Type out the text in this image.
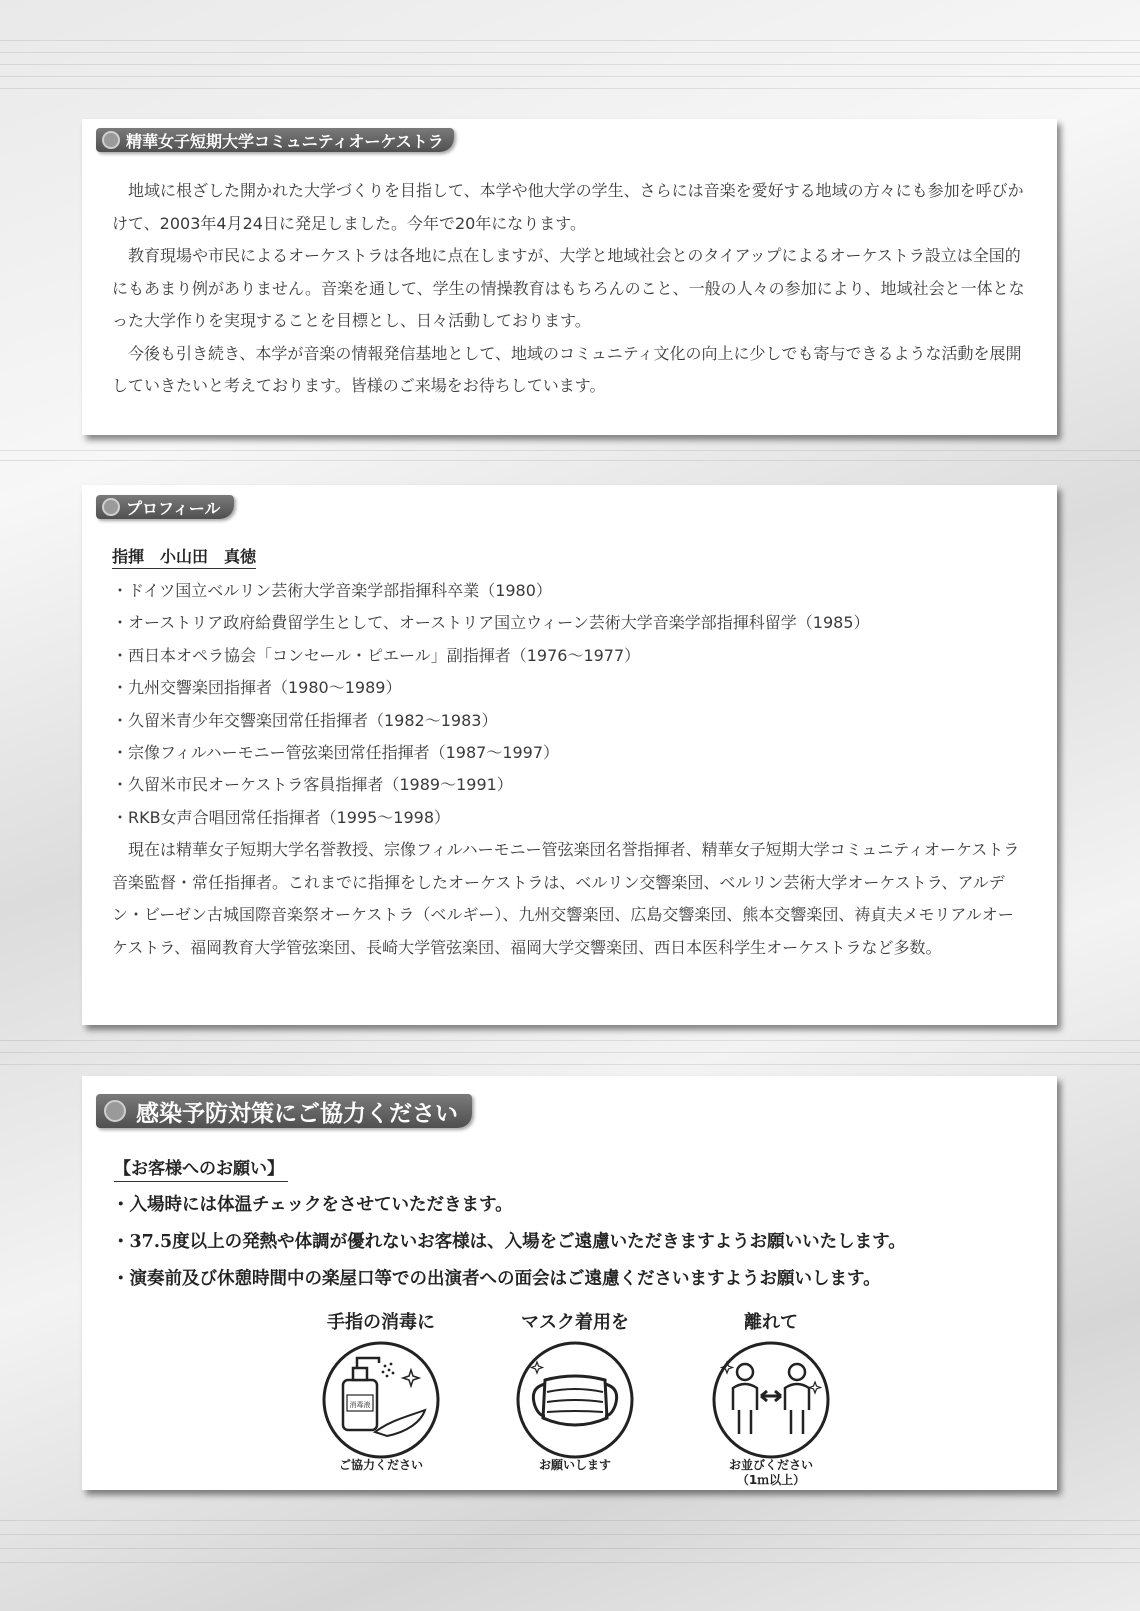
精華女子短期大学コミュニティオーケストラ

地域に根ざした開かれた大学づくりを目指して、本学や他大学の学生、さらには音楽を愛好する地域の方々にも参加を呼びかけて、2003年4月24日に発足しました。今年で20年になります。

教育現場や市民によるオーケストラは各地に点在しますが、大学と地域社会とのタイアップによるオーケストラ設立は全国的にもあまり例がありません。音楽を通して、学生の情操教育はもちろんのこと、一般の人々の参加により、地域社会と一体となった大学作りを実現することを目標とし、日々活動しております。

今後も引き続き、本学が音楽の情報発信基地として、地域のコミュニティ文化の向上に少しでも寄与できるような活動を展開していきたいと考えております。皆様のご来場をお待ちしています。

プロフィール
指揮　小山田　真徳
・ドイツ国立ベルリン芸術大学音楽学部指揮科卒業（1980）
・オーストリア政府給費留学生として、オーストリア国立ウィーン芸術大学音楽学部指揮科留学（1985）
・西日本オペラ協会「コンセール・ピエール」副指揮者（1976〜1977）
・九州交響楽団指揮者（1980〜1989）
・久留米青少年交響楽団常任指揮者（1982〜1983）
・宗像フィルハーモニー管弦楽団常任指揮者（1987〜1997）
・久留米市民オーケストラ客員指揮者（1989〜1991）
・RKB女声合唱団常任指揮者（1995〜1998）

現在は精華女子短期大学名誉教授、宗像フィルハーモニー管弦楽団名誉指揮者、精華女子短期大学コミュニティオーケストラ音楽監督・常任指揮者。これまでに指揮をしたオーケストラは、ベルリン交響楽団、ベルリン芸術大学オーケストラ、アルデン・ビーゼン古城国際音楽祭オーケストラ（ベルギー）、九州交響楽団、広島交響楽団、熊本交響楽団、祷貞夫メモリアルオーケストラ、福岡教育大学管弦楽団、長崎大学管弦楽団、福岡大学交響楽団、西日本医科学生オーケストラなど多数。

感染予防対策にご協力ください
【お客様へのお願い】
・入場時には体温チェックをさせていただきます。
・37.5度以上の発熱や体調が優れないお客様は、入場をご遠慮いただきますようお願いいたします。
・演奏前及び休憩時間中の楽屋口等での出演者への面会はご遠慮くださいますようお願いします。
手指の消毒に
消毒液
ご協力ください
マスク着用を
お願いします
離れて
お並びください
（1ｍ以上）
